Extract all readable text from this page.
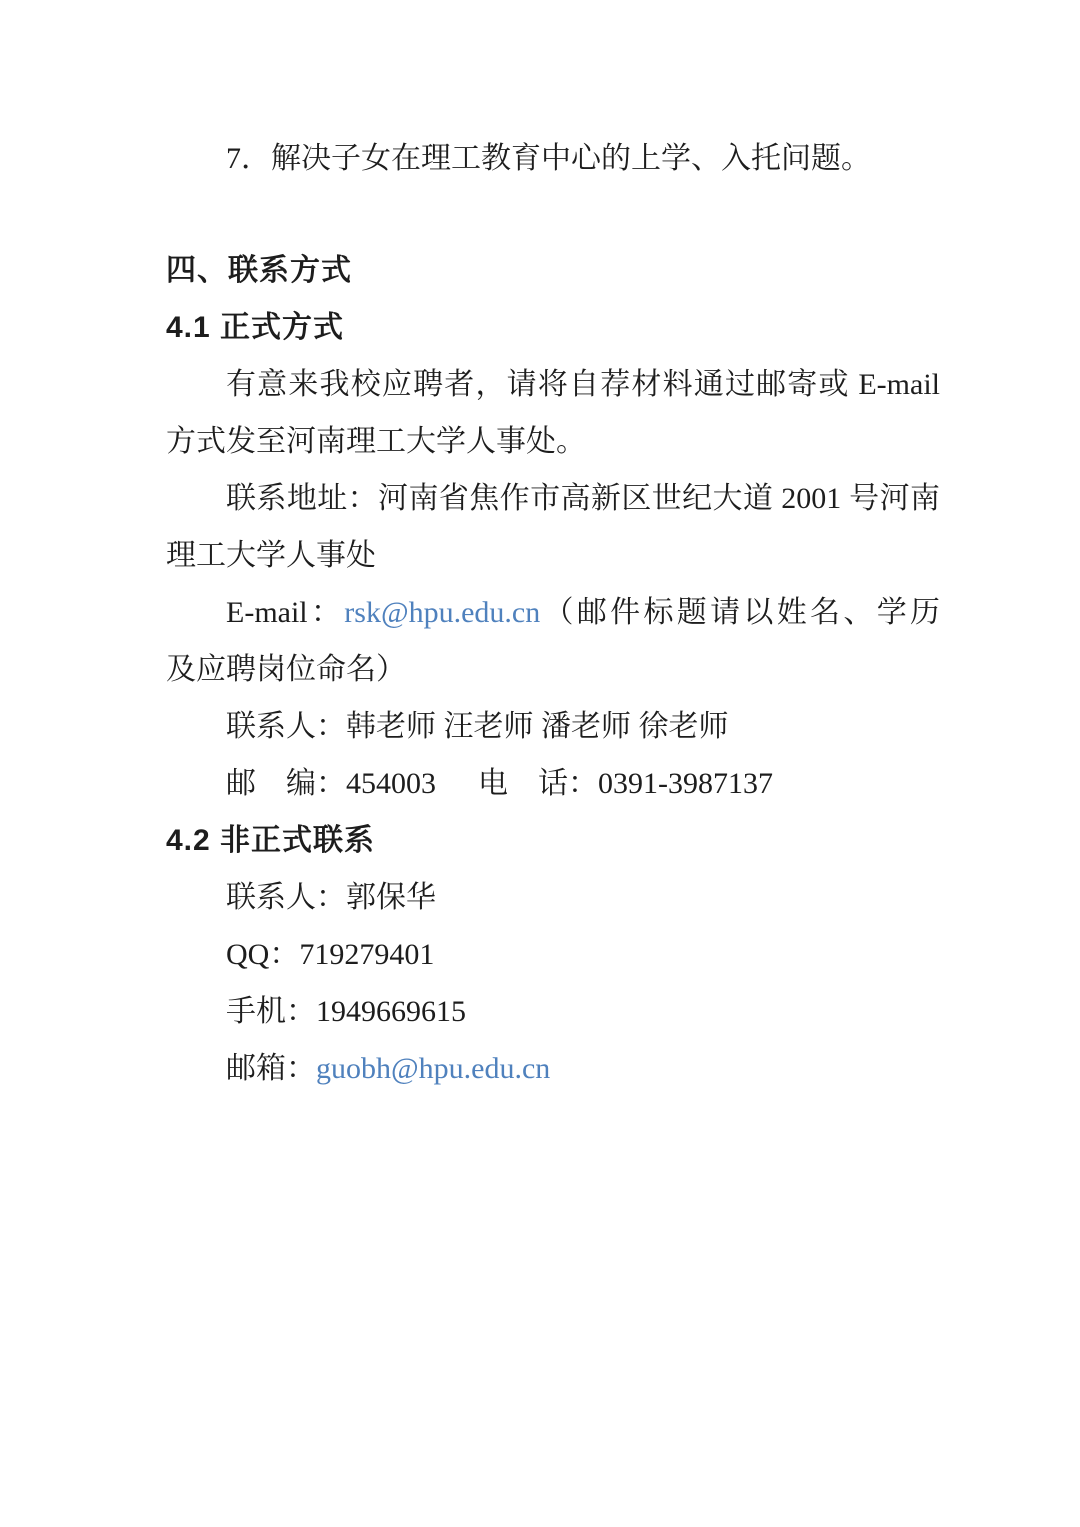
7．解决子女在理工教育中心的上学、入托问题。

四、联系方式
4.1 正式方式

有意来我校应聘者，请将自荐材料通过邮寄或 E-mail

方式发至河南理工大学人事处。

联系地址：河南省焦作市高新区世纪大道 2001 号河南

理工大学人事处

E-mail：rsk@hpu.edu.cn（邮件标题请以姓名、学历

及应聘岗位命名）

联系人：韩老师 汪老师 潘老师 徐老师

邮　编：454003 电　话：0391-3987137

4.2 非正式联系

联系人：郭保华

QQ：719279401

手机：1949669615

邮箱：guobh@hpu.edu.cn
